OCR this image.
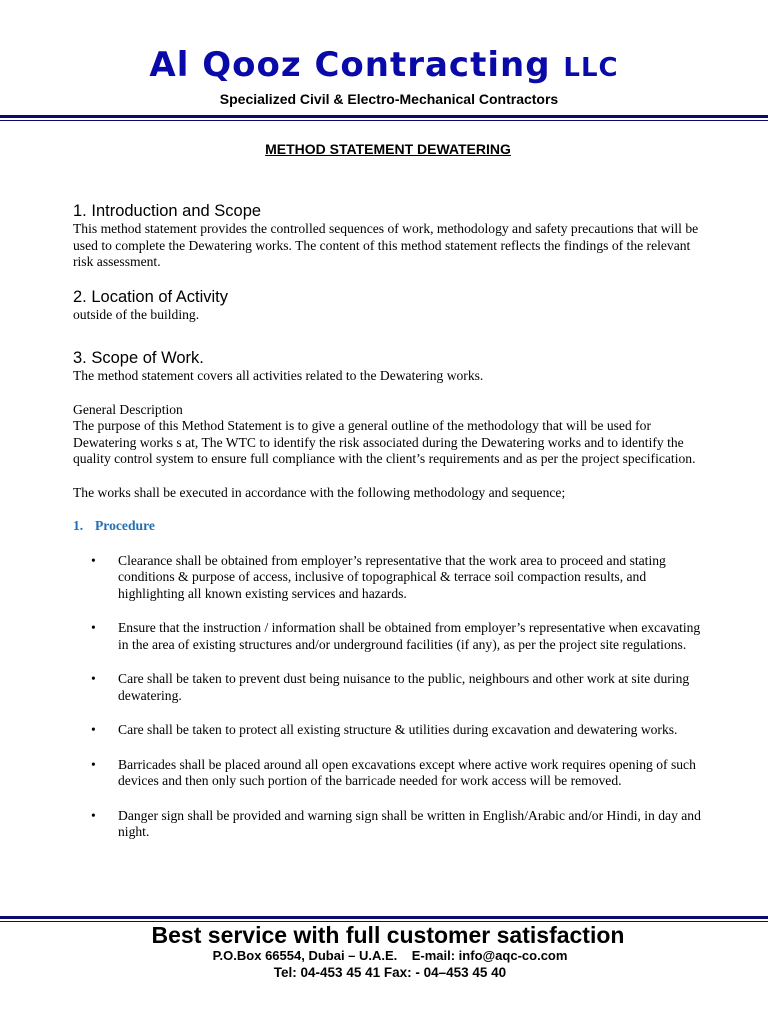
Al Qooz Contracting LLC
Specialized Civil & Electro-Mechanical Contractors
METHOD STATEMENT DEWATERING

1. Introduction and Scope

This method statement provides the controlled sequences of work, methodology and safety precautions that will be used to complete the Dewatering works. The content of this method statement reflects the findings of the relevant risk assessment.

2. Location of Activity

outside of the building.

3. Scope of Work.

The method statement covers all activities related to the Dewatering works.

General Description

The purpose of this Method Statement is to give a general outline of the methodology that will be used for Dewatering works s at, The WTC to identify the risk associated during the Dewatering works and to identify the quality control system to ensure full compliance with the client’s requirements and as per the project specification.

The works shall be executed in accordance with the following methodology and sequence;

1. Procedure

• Clearance shall be obtained from employer’s representative that the work area to proceed and stating conditions & purpose of access, inclusive of topographical & terrace soil compaction results, and highlighting all known existing services and hazards.
• Ensure that the instruction / information shall be obtained from employer’s representative when excavating in the area of existing structures and/or underground facilities (if any), as per the project site regulations.
• Care shall be taken to prevent dust being nuisance to the public, neighbours and other work at site during dewatering.
• Care shall be taken to protect all existing structure & utilities during excavation and dewatering works.
• Barricades shall be placed around all open excavations except where active work requires opening of such devices and then only such portion of the barricade needed for work access will be removed.
• Danger sign shall be provided and warning sign shall be written in English/Arabic and/or Hindi, in day and night.
Best service with full customer satisfaction
P.O.Box 66554, Dubai – U.A.E.    E-mail: info@aqc-co.com
Tel: 04-453 45 41 Fax: - 04–453 45 40
